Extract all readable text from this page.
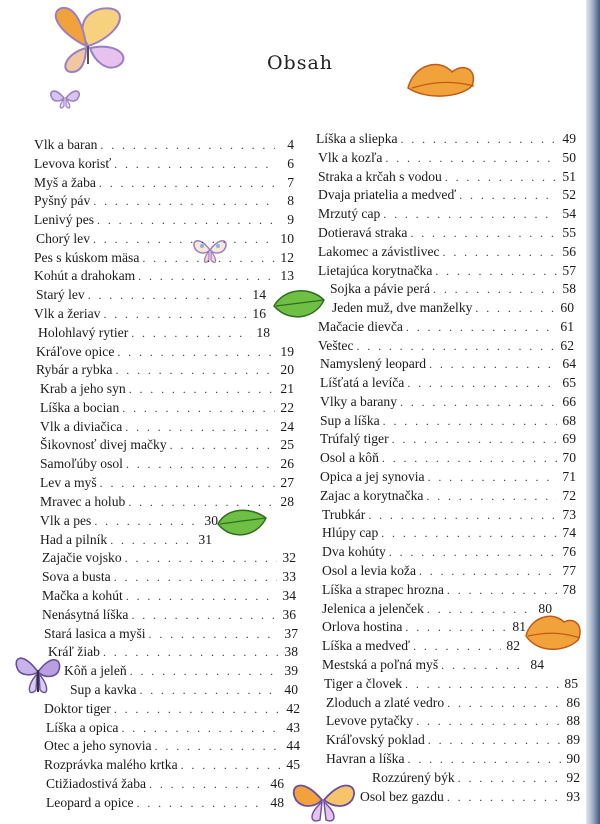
Obsah
Vlk a baran . . .	4
Levova korisť . . .	6
Myš a žaba . . .	7
Pyšný páv . . .	8
Lenivý pes . . .	9
Chorý lev . . .	10
Pes s kúskom mäsa . . .	12
Kohút a drahokam . . .	13
Starý lev . . .	14
Vlk a žeriav . . .	16
Holohlavý rytier . . .	18
Kráľove opice . . .	19
Rybár a rybka . . .	20
Krab a jeho syn . . .	21
Líška a bocian . . .	22
Vlk a diviačica . . .	24
Šikovnosť divej mačky . . .	25
Samoľúby osol . . .	26
Lev a myš . . .	27
Mravec a holub . . .	28
Vlk a pes . . .	30
Had a pilník . . .	31
Zajačie vojsko . . .	32
Sova a busta . . .	33
Mačka a kohút . . .	34
Nenásytná líška . . .	36
Stará lasica a myši . . .	37
Kráľ žiab . . .	38
Kôň a jeleň . . .	39
Sup a kavka . . .	40
Doktor tiger . . .	42
Líška a opica . . .	43
Otec a jeho synovia . . .	44
Rozprávka malého krtka . . .	45
Ctižiadostivá žaba . . .	46
Leopard a opice . . .	48
Líška a sliepka . . .	49
Vlk a kozľa . . .	50
Straka a krčah s vodou . . .	51
Dvaja priatelia a medveď . . .	52
Mrzutý cap . . .	54
Dotieravá straka . . .	55
Lakomec a závistlivec . . .	56
Lietajúca korytnačka . . .	57
Sojka a pávie perá . . .	58
Jeden muž, dve manželky . . .	60
Mačacie dievča . . .	61
Veštec . . .	62
Namyslený leopard . . .	64
Líšťatá a levíča . . .	65
Vlky a barany . . .	66
Sup a líška . . .	68
Trúfalý tiger . . .	69
Osol a kôň . . .	70
Opica a jej synovia . . .	71
Zajac a korytnačka . . .	72
Trubkár . . .	73
Hlúpy cap . . .	74
Dva kohúty . . .	76
Osol a levia koža . . .	77
Líška a strapec hrozna . . .	78
Jelenica a jelenček . . .	80
Orlova hostina . . .	81
Líška a medveď . . .	82
Mestská a poľná myš . . .	84
Tiger a človek . . .	85
Zloduch a zlaté vedro . . .	86
Levove pytačky . . .	88
Kráľovský poklad . . .	89
Havran a líška . . .	90
Rozzúrený býk . . .	92
Osol bez gazdu . . .	93
